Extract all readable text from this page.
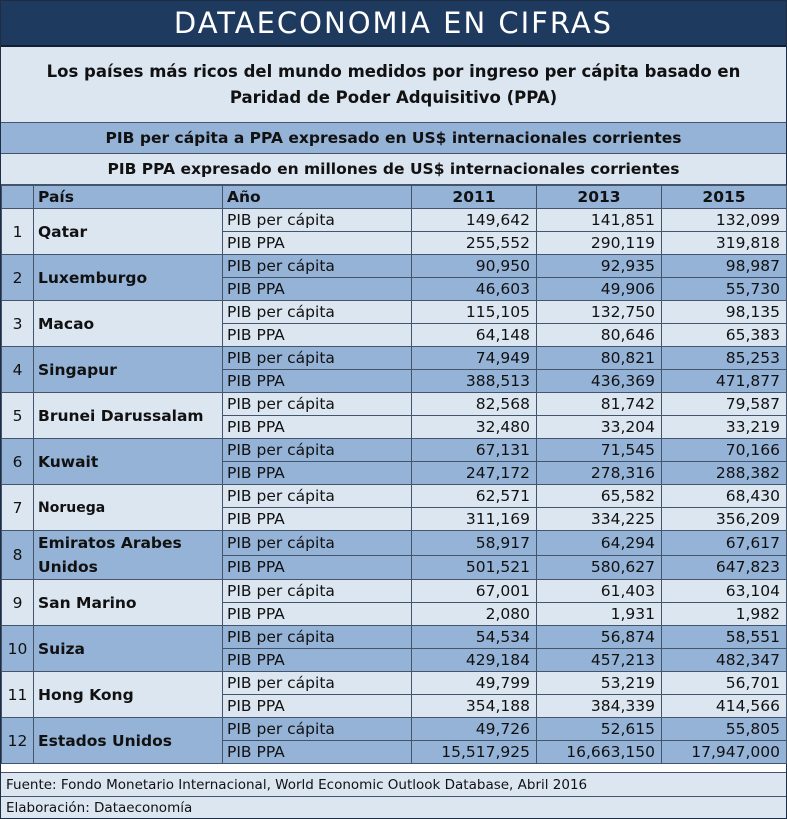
DATAECONOMIA EN CIFRAS
Los países más ricos del mundo medidos por ingreso per cápita basado en Paridad de Poder Adquisitivo (PPA)
PIB per cápita a PPA expresado en US$ internacionales corrientes
PIB PPA expresado en millones de US$ internacionales corrientes
	País	Año	2011	2013	2015
1	Qatar	PIB per cápita	149,642	141,851	132,099
		PIB PPA	255,552	290,119	319,818
2	Luxemburgo	PIB per cápita	90,950	92,935	98,987
		PIB PPA	46,603	49,906	55,730
3	Macao	PIB per cápita	115,105	132,750	98,135
		PIB PPA	64,148	80,646	65,383
4	Singapur	PIB per cápita	74,949	80,821	85,253
		PIB PPA	388,513	436,369	471,877
5	Brunei Darussalam	PIB per cápita	82,568	81,742	79,587
		PIB PPA	32,480	33,204	33,219
6	Kuwait	PIB per cápita	67,131	71,545	70,166
		PIB PPA	247,172	278,316	288,382
7	Noruega	PIB per cápita	62,571	65,582	68,430
		PIB PPA	311,169	334,225	356,209
8	Emiratos Arabes Unidos	PIB per cápita	58,917	64,294	67,617
		PIB PPA	501,521	580,627	647,823
9	San Marino	PIB per cápita	67,001	61,403	63,104
		PIB PPA	2,080	1,931	1,982
10	Suiza	PIB per cápita	54,534	56,874	58,551
		PIB PPA	429,184	457,213	482,347
11	Hong Kong	PIB per cápita	49,799	53,219	56,701
		PIB PPA	354,188	384,339	414,566
12	Estados Unidos	PIB per cápita	49,726	52,615	55,805
		PIB PPA	15,517,925	16,663,150	17,947,000
Fuente: Fondo Monetario Internacional, World Economic Outlook Database, Abril 2016
Elaboración: Dataeconomía
